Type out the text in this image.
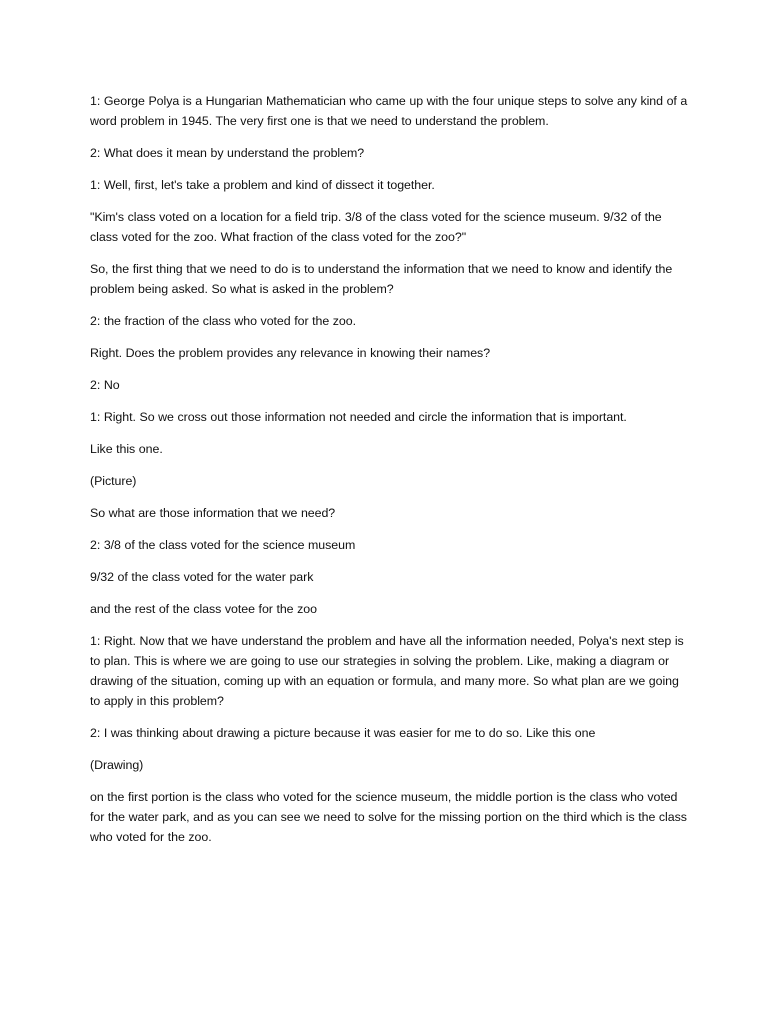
1: George Polya is a Hungarian Mathematician who came up with the four unique steps to solve any kind of a word problem in 1945. The very first one is that we need to understand the problem.

2: What does it mean by understand the problem?

1: Well, first, let's take a problem and kind of dissect it together.

"Kim's class voted on a location for a field trip. 3/8 of the class voted for the science museum. 9/32 of the class voted for the zoo. What fraction of the class voted for the zoo?"

So, the first thing that we need to do is to understand the information that we need to know and identify the problem being asked. So what is asked in the problem?

2: the fraction of the class who voted for the zoo.

Right. Does the problem provides any relevance in knowing their names?

2: No

1: Right. So we cross out those information not needed and circle the information that is important.

Like this one.

(Picture)

So what are those information that we need?

2: 3/8 of the class voted for the science museum

9/32 of the class voted for the water park

and the rest of the class votee for the zoo

1: Right. Now that we have understand the problem and have all the information needed, Polya's next step is to plan. This is where we are going to use our strategies in solving the problem. Like, making a diagram or drawing of the situation, coming up with an equation or formula, and many more. So what plan are we going to apply in this problem?

2: I was thinking about drawing a picture because it was easier for me to do so. Like this one

(Drawing)

on the first portion is the class who voted for the science museum, the middle portion is the class who voted for the water park, and as you can see we need to solve for the missing portion on the third which is the class who voted for the zoo.
